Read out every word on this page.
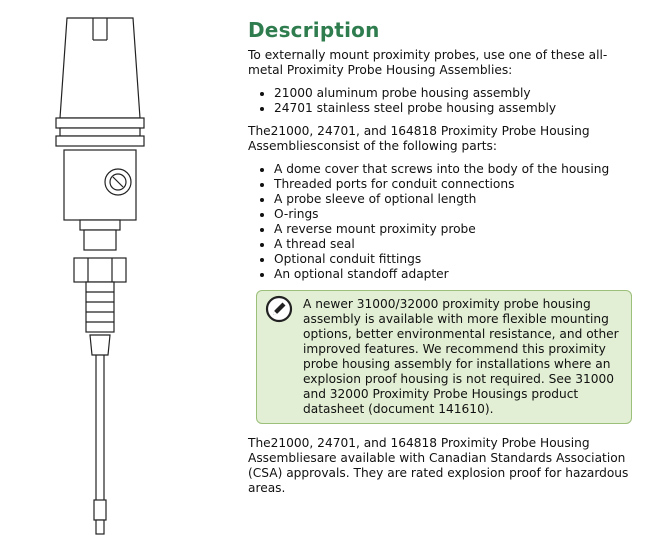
Description

To externally mount proximity probes, use one of these all-metal Proximity Probe Housing Assemblies:

• 21000 aluminum probe housing assembly
• 24701 stainless steel probe housing assembly

The21000, 24701, and 164818 Proximity Probe Housing Assembliesconsist of the following parts:

• A dome cover that screws into the body of the housing
• Threaded ports for conduit connections
• A probe sleeve of optional length
• O-rings
• A reverse mount proximity probe
• A thread seal
• Optional conduit fittings
• An optional standoff adapter
A newer 31000/32000 proximity probe housing assembly is available with more flexible mounting options, better environmental resistance, and other improved features. We recommend this proximity probe housing assembly for installations where an explosion proof housing is not required. See 31000 and 32000 Proximity Probe Housings product datasheet (document 141610).

The21000, 24701, and 164818 Proximity Probe Housing Assembliesare available with Canadian Standards Association (CSA) approvals. They are rated explosion proof for hazardous areas.
